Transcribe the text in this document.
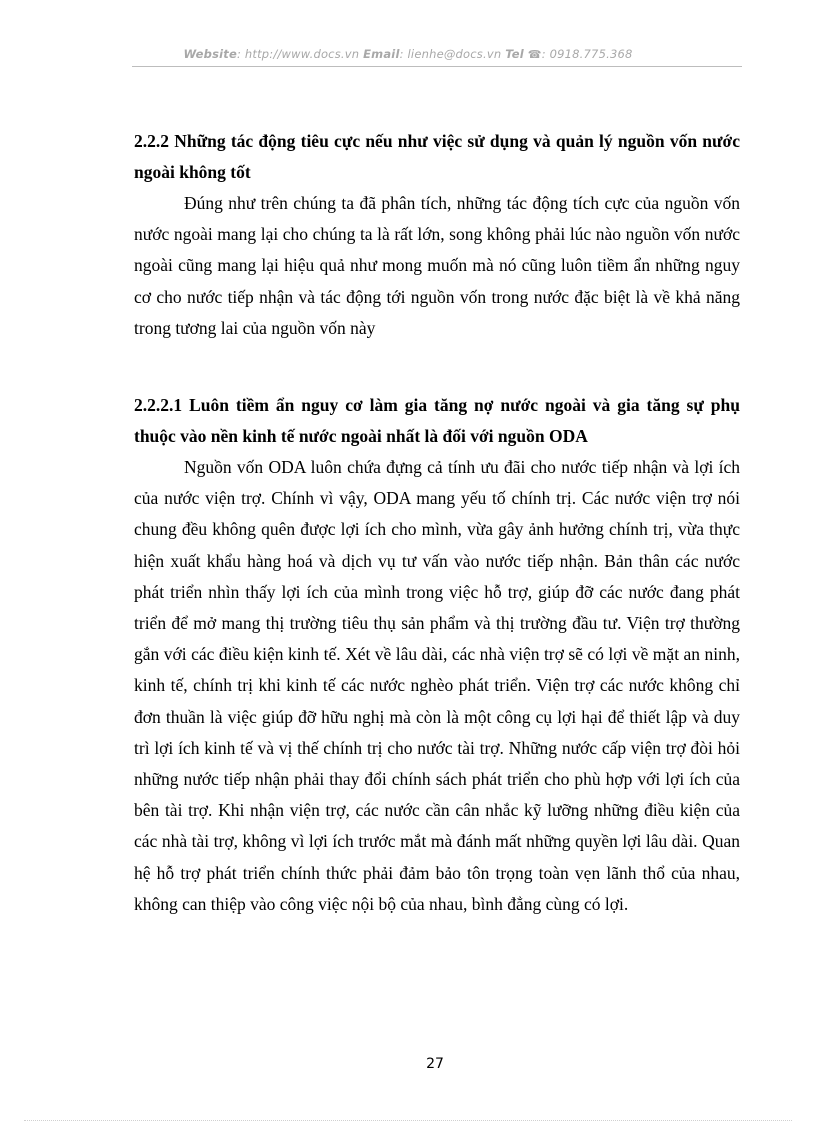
Website: http://www.docs.vn Email: lienhe@docs.vn Tel ☎: 0918.775.368
2.2.2 Những tác động tiêu cực nếu như việc sử dụng và quản lý nguồn vốn nước ngoài không tốt

Đúng như trên chúng ta đã phân tích, những tác động tích cực của nguồn vốn nước ngoài mang lại cho chúng ta là rất lớn, song không phải lúc nào nguồn vốn nước ngoài cũng mang lại hiệu quả như mong muốn mà nó cũng luôn tiềm ẩn những nguy cơ cho nước tiếp nhận và tác động tới nguồn vốn trong nước đặc biệt là về khả năng trong tương lai của nguồn vốn này

2.2.2.1 Luôn tiềm ẩn nguy cơ làm gia tăng nợ nước ngoài và gia tăng sự phụ thuộc vào nền kinh tế nước ngoài nhất là đối với nguồn ODA

Nguồn vốn ODA luôn chứa đựng cả tính ưu đãi cho nước tiếp nhận và lợi ích của nước viện trợ. Chính vì vậy, ODA mang yếu tố chính trị. Các nước viện trợ nói chung đều không quên được lợi ích cho mình, vừa gây ảnh hưởng chính trị, vừa thực hiện xuất khẩu hàng hoá và dịch vụ tư vấn vào nước tiếp nhận. Bản thân các nước phát triển nhìn thấy lợi ích của mình trong việc hỗ trợ, giúp đỡ các nước đang phát triển để mở mang thị trường tiêu thụ sản phẩm và thị trường đầu tư. Viện trợ thường gắn với các điều kiện kinh tế. Xét về lâu dài, các nhà viện trợ sẽ có lợi về mặt an ninh, kinh tế, chính trị khi kinh tế các nước nghèo phát triển. Viện trợ các nước không chỉ đơn thuần là việc giúp đỡ hữu nghị mà còn là một công cụ lợi hại để thiết lập và duy trì lợi ích kinh tế và vị thế chính trị cho nước tài trợ. Những nước cấp viện trợ đòi hỏi những nước tiếp nhận phải thay đổi chính sách phát triển cho phù hợp với lợi ích của bên tài trợ. Khi nhận viện trợ, các nước cần cân nhắc kỹ lưỡng những điều kiện của các nhà tài trợ, không vì lợi ích trước mắt mà đánh mất những quyền lợi lâu dài. Quan hệ hỗ trợ phát triển chính thức phải đảm bảo tôn trọng toàn vẹn lãnh thổ của nhau, không can thiệp vào công việc nội bộ của nhau, bình đẳng cùng có lợi.

27
